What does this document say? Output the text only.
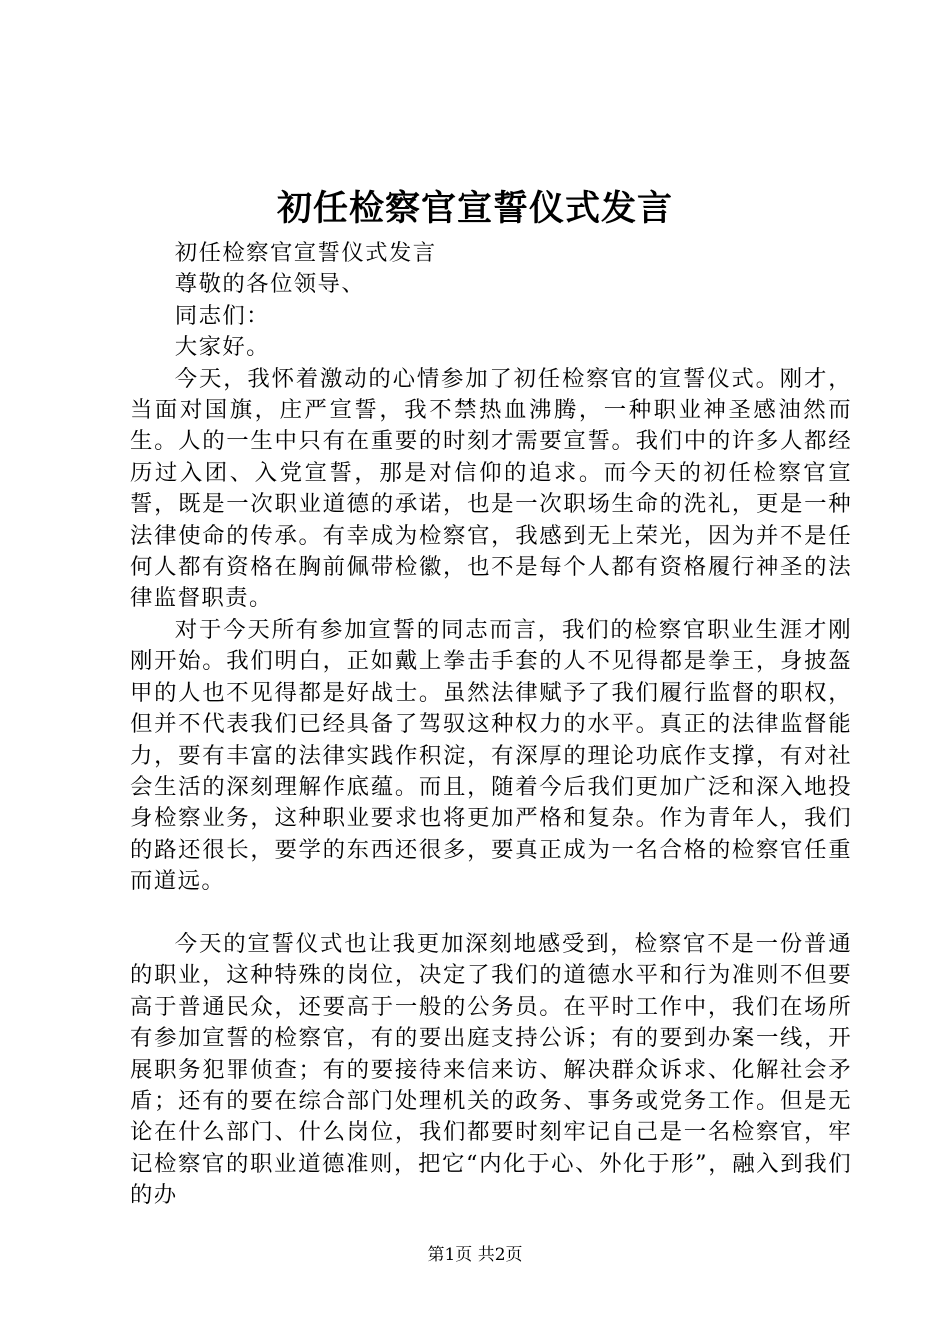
初任检察官宣誓仪式发言

初任检察官宣誓仪式发言

尊敬的各位领导、

同志们：

大家好。

今天，我怀着激动的心情参加了初任检察官的宣誓仪式。刚才，当面对国旗，庄严宣誓，我不禁热血沸腾，一种职业神圣感油然而生。人的一生中只有在重要的时刻才需要宣誓。我们中的许多人都经历过入团、入党宣誓，那是对信仰的追求。而今天的初任检察官宣誓，既是一次职业道德的承诺，也是一次职场生命的洗礼，更是一种法律使命的传承。有幸成为检察官，我感到无上荣光，因为并不是任何人都有资格在胸前佩带检徽，也不是每个人都有资格履行神圣的法律监督职责。

对于今天所有参加宣誓的同志而言，我们的检察官职业生涯才刚刚开始。我们明白，正如戴上拳击手套的人不见得都是拳王，身披盔甲的人也不见得都是好战士。虽然法律赋予了我们履行监督的职权，但并不代表我们已经具备了驾驭这种权力的水平。真正的法律监督能力，要有丰富的法律实践作积淀，有深厚的理论功底作支撑，有对社会生活的深刻理解作底蕴。而且，随着今后我们更加广泛和深入地投身检察业务，这种职业要求也将更加严格和复杂。作为青年人，我们的路还很长，要学的东西还很多，要真正成为一名合格的检察官任重而道远。

今天的宣誓仪式也让我更加深刻地感受到，检察官不是一份普通的职业，这种特殊的岗位，决定了我们的道德水平和行为准则不但要高于普通民众，还要高于一般的公务员。在平时工作中，我们在场所有参加宣誓的检察官，有的要出庭支持公诉；有的要到办案一线，开展职务犯罪侦查；有的要接待来信来访、解决群众诉求、化解社会矛盾；还有的要在综合部门处理机关的政务、事务或党务工作。但是无论在什么部门、什么岗位，我们都要时刻牢记自己是一名检察官，牢记检察官的职业道德准则，把它“内化于心、外化于形”，融入到我们的办

第1页 共2页
